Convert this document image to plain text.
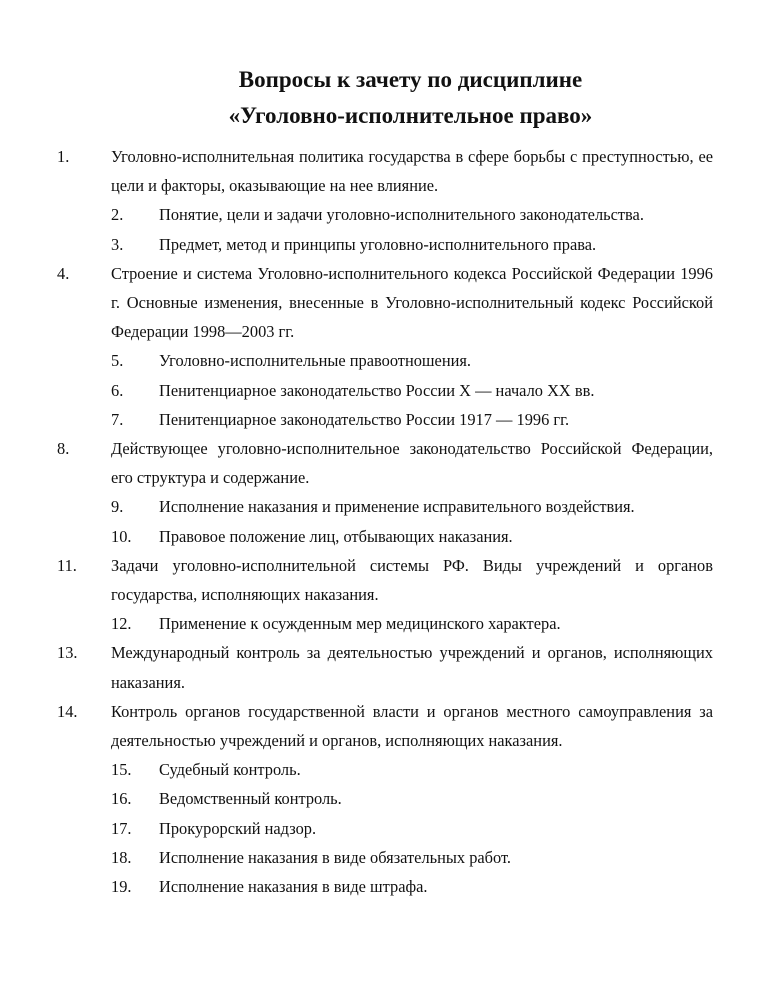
Вопросы к зачету по дисциплине
«Уголовно-исполнительное право»
1.	Уголовно-исполнительная политика государства в сфере борьбы с преступностью, ее цели и факторы, оказывающие на нее влияние.
2. Понятие, цели и задачи уголовно-исполнительного законодательства.
3. Предмет, метод и принципы уголовно-исполнительного права.
4.	Строение и система Уголовно-исполнительного кодекса Российской Федерации 1996 г. Основные изменения, внесенные в Уголовно-исполнительный кодекс Российской Федерации 1998—2003 гг.
5. Уголовно-исполнительные правоотношения.
6. Пенитенциарное законодательство России X — начало XX вв.
7. Пенитенциарное законодательство России 1917 — 1996 гг.
8.	Действующее уголовно-исполнительное законодательство Российской Федерации, его структура и содержание.
9. Исполнение наказания и применение исправительного воздействия.
10. Правовое положение лиц, отбывающих наказания.
11. Задачи уголовно-исполнительной системы РФ. Виды учреждений и органов государства, исполняющих наказания.
12. Применение к осужденным мер медицинского характера.
13. Международный контроль за деятельностью учреждений и органов, исполняющих наказания.
14. Контроль органов государственной власти и органов местного самоуправления за деятельностью учреждений и органов, исполняющих наказания.
15. Судебный контроль.
16. Ведомственный контроль.
17. Прокурорский надзор.
18. Исполнение наказания в виде обязательных работ.
19. Исполнение наказания в виде штрафа.
